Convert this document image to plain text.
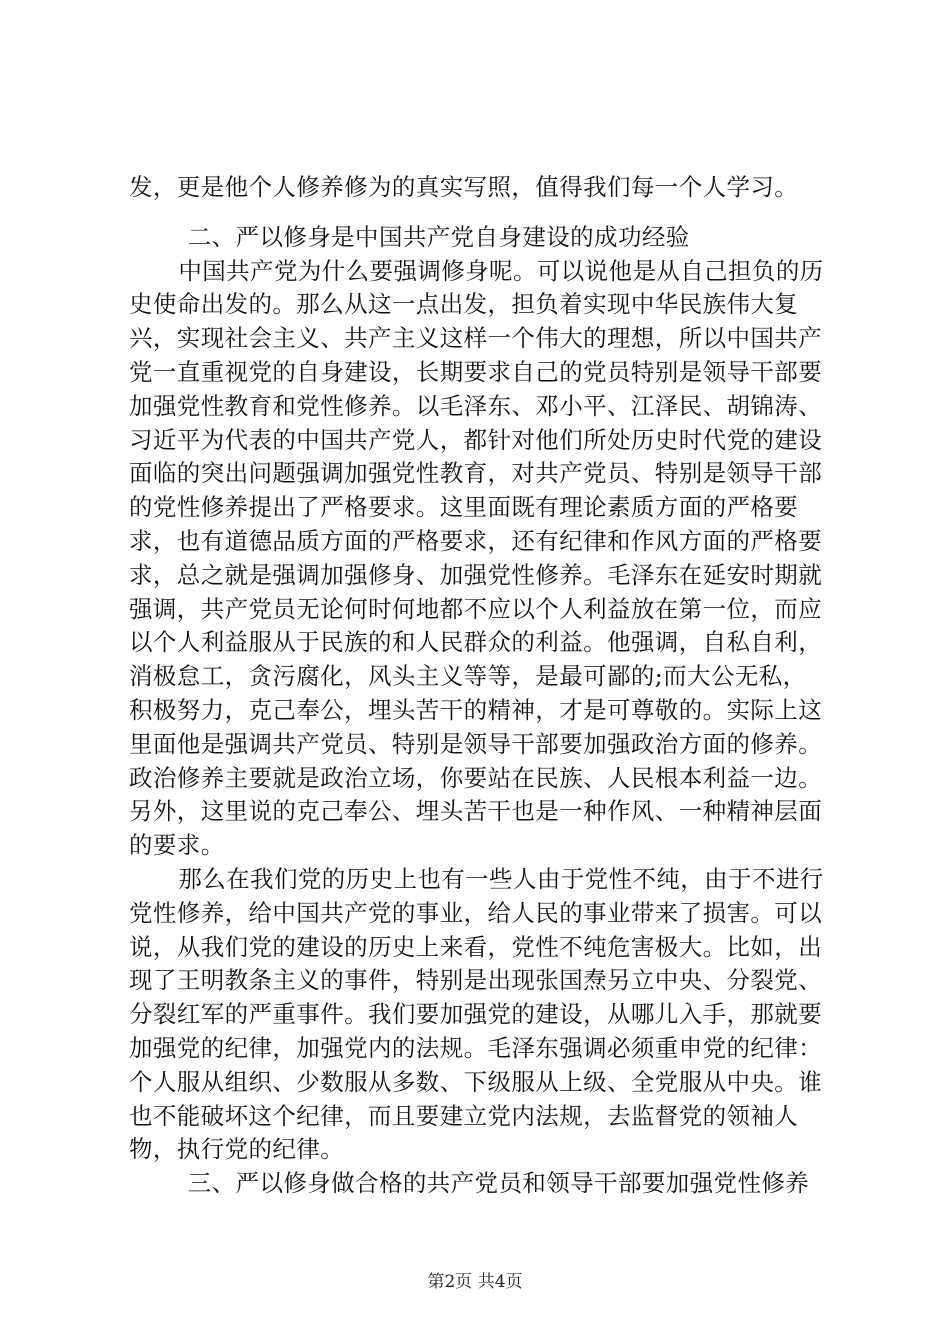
发，更是他个人修养修为的真实写照，值得我们每一个人学习。

二、严以修身是中国共产党自身建设的成功经验

中国共产党为什么要强调修身呢。可以说他是从自己担负的历史使命出发的。那么从这一点出发，担负着实现中华民族伟大复兴，实现社会主义、共产主义这样一个伟大的理想，所以中国共产党一直重视党的自身建设，长期要求自己的党员特别是领导干部要加强党性教育和党性修养。以毛泽东、邓小平、江泽民、胡锦涛、习近平为代表的中国共产党人，都针对他们所处历史时代党的建设面临的突出问题强调加强党性教育，对共产党员、特别是领导干部的党性修养提出了严格要求。这里面既有理论素质方面的严格要求，也有道德品质方面的严格要求，还有纪律和作风方面的严格要求，总之就是强调加强修身、加强党性修养。毛泽东在延安时期就强调，共产党员无论何时何地都不应以个人利益放在第一位，而应以个人利益服从于民族的和人民群众的利益。他强调，自私自利，消极怠工，贪污腐化，风头主义等等，是最可鄙的;而大公无私，积极努力，克己奉公，埋头苦干的精神，才是可尊敬的。实际上这里面他是强调共产党员、特别是领导干部要加强政治方面的修养。政治修养主要就是政治立场，你要站在民族、人民根本利益一边。另外，这里说的克己奉公、埋头苦干也是一种作风、一种精神层面的要求。

那么在我们党的历史上也有一些人由于党性不纯，由于不进行党性修养，给中国共产党的事业，给人民的事业带来了损害。可以说，从我们党的建设的历史上来看，党性不纯危害极大。比如，出现了王明教条主义的事件，特别是出现张国焘另立中央、分裂党、分裂红军的严重事件。我们要加强党的建设，从哪儿入手，那就要加强党的纪律，加强党内的法规。毛泽东强调必须重申党的纪律：个人服从组织、少数服从多数、下级服从上级、全党服从中央。谁也不能破坏这个纪律，而且要建立党内法规，去监督党的领袖人物，执行党的纪律。

三、严以修身做合格的共产党员和领导干部要加强党性修养

第2页 共4页
